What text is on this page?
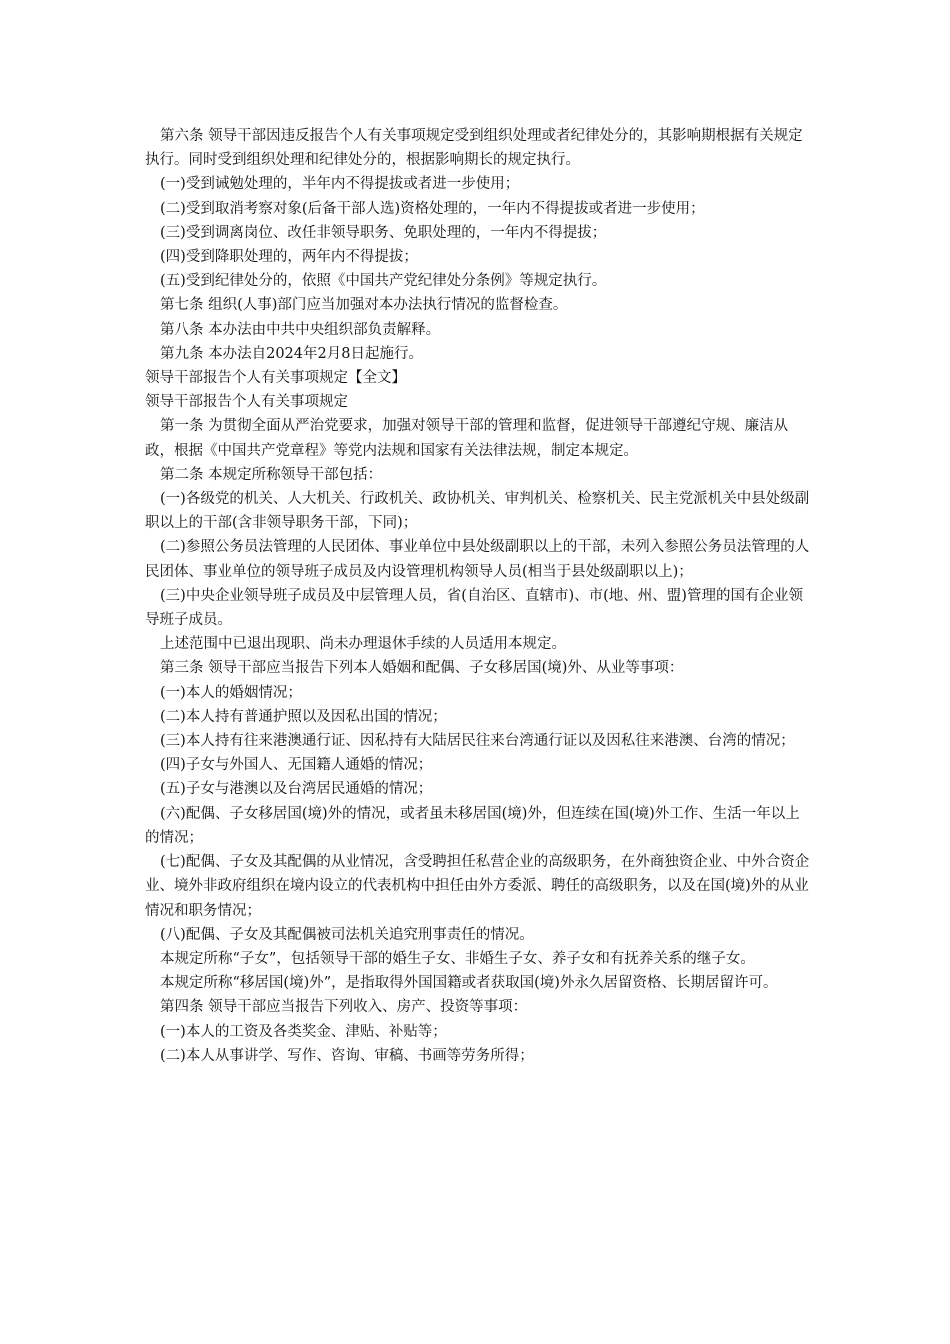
第六条 领导干部因违反报告个人有关事项规定受到组织处理或者纪律处分的，其影响期根据有关规定执行。同时受到组织处理和纪律处分的，根据影响期长的规定执行。

(一)受到诫勉处理的，半年内不得提拔或者进一步使用；

(二)受到取消考察对象(后备干部人选)资格处理的，一年内不得提拔或者进一步使用；

(三)受到调离岗位、改任非领导职务、免职处理的，一年内不得提拔；

(四)受到降职处理的，两年内不得提拔；

(五)受到纪律处分的，依照《中国共产党纪律处分条例》等规定执行。

第七条 组织(人事)部门应当加强对本办法执行情况的监督检查。

第八条 本办法由中共中央组织部负责解释。

第九条 本办法自2024年2月8日起施行。

领导干部报告个人有关事项规定【全文】

领导干部报告个人有关事项规定

第一条 为贯彻全面从严治党要求，加强对领导干部的管理和监督，促进领导干部遵纪守规、廉洁从政，根据《中国共产党章程》等党内法规和国家有关法律法规，制定本规定。

第二条 本规定所称领导干部包括：

(一)各级党的机关、人大机关、行政机关、政协机关、审判机关、检察机关、民主党派机关中县处级副职以上的干部(含非领导职务干部，下同)；

(二)参照公务员法管理的人民团体、事业单位中县处级副职以上的干部，未列入参照公务员法管理的人民团体、事业单位的领导班子成员及内设管理机构领导人员(相当于县处级副职以上)；

(三)中央企业领导班子成员及中层管理人员，省(自治区、直辖市)、市(地、州、盟)管理的国有企业领导班子成员。

上述范围中已退出现职、尚未办理退休手续的人员适用本规定。

第三条 领导干部应当报告下列本人婚姻和配偶、子女移居国(境)外、从业等事项：

(一)本人的婚姻情况；

(二)本人持有普通护照以及因私出国的情况；

(三)本人持有往来港澳通行证、因私持有大陆居民往来台湾通行证以及因私往来港澳、台湾的情况；

(四)子女与外国人、无国籍人通婚的情况；

(五)子女与港澳以及台湾居民通婚的情况；

(六)配偶、子女移居国(境)外的情况，或者虽未移居国(境)外，但连续在国(境)外工作、生活一年以上的情况；

(七)配偶、子女及其配偶的从业情况，含受聘担任私营企业的高级职务，在外商独资企业、中外合资企业、境外非政府组织在境内设立的代表机构中担任由外方委派、聘任的高级职务，以及在国(境)外的从业情况和职务情况；

(八)配偶、子女及其配偶被司法机关追究刑事责任的情况。

本规定所称“子女”，包括领导干部的婚生子女、非婚生子女、养子女和有抚养关系的继子女。

本规定所称“移居国(境)外”，是指取得外国国籍或者获取国(境)外永久居留资格、长期居留许可。

第四条 领导干部应当报告下列收入、房产、投资等事项：

(一)本人的工资及各类奖金、津贴、补贴等；

(二)本人从事讲学、写作、咨询、审稿、书画等劳务所得；
